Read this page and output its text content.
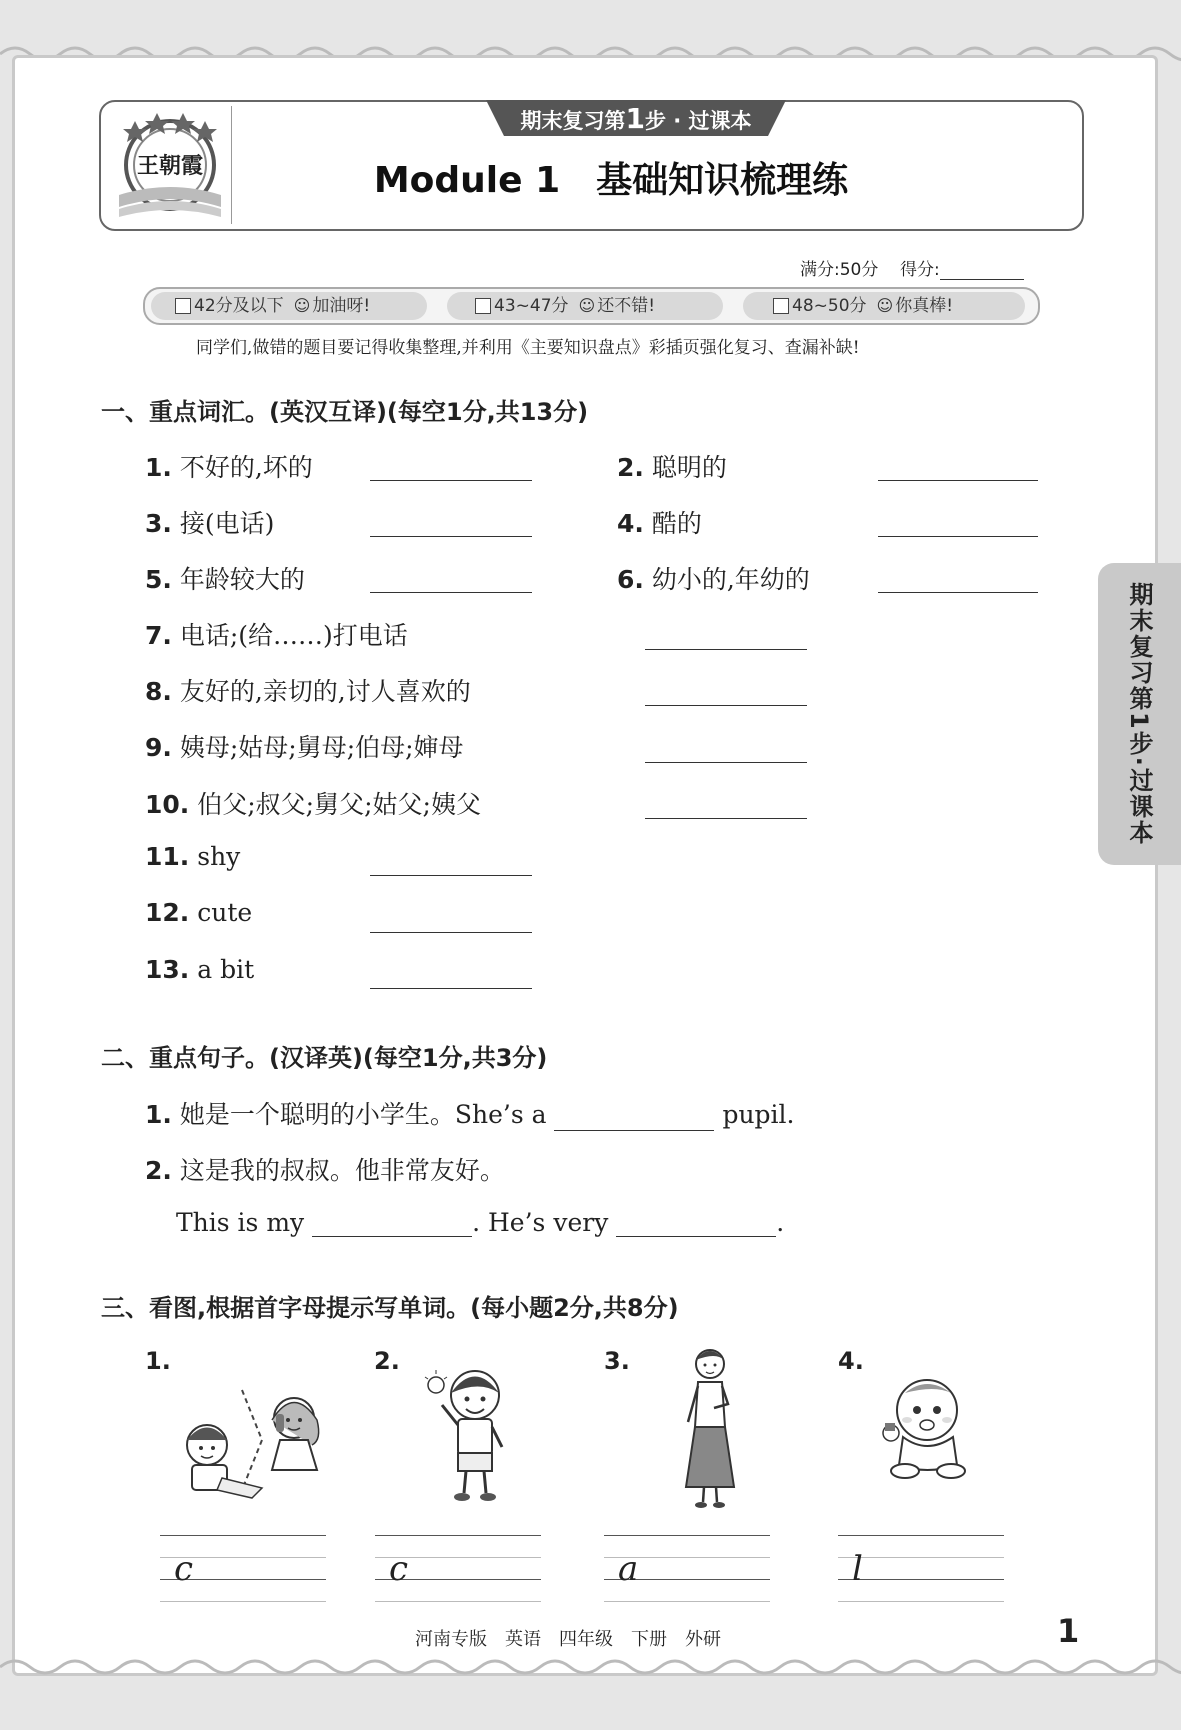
期末复习第1步·过课本
王朝霞
期末复习第1步 · 过课本
Module 1　基础知识梳理练
满分:50分 得分:
42分及以下 ☺ 加油呀!	43~47分 ☺ 还不错!	48~50分 ☺ 你真棒!
同学们,做错的题目要记得收集整理,并利用《主要知识盘点》彩插页强化复习、查漏补缺!
一、重点词汇。(英汉互译)(每空1分,共13分)
1. 不好的,坏的	2. 聪明的
3. 接(电话)	4. 酷的
5. 年龄较大的	6. 幼小的,年幼的
7. 电话;(给……)打电话
8. 友好的,亲切的,讨人喜欢的
9. 姨母;姑母;舅母;伯母;婶母
10. 伯父;叔父;舅父;姑父;姨父
11. shy
12. cute
13. a bit
二、重点句子。(汉译英)(每空1分,共3分)
1. 她是一个聪明的小学生。She’s a	pupil.
2. 这是我的叔叔。他非常友好。
This is my	. He’s very	.
三、看图,根据首字母提示写单词。(每小题2分,共8分)
1.	2.	3.	4.
c	c	a	l
河南专版　英语　四年级　下册　外研	1
